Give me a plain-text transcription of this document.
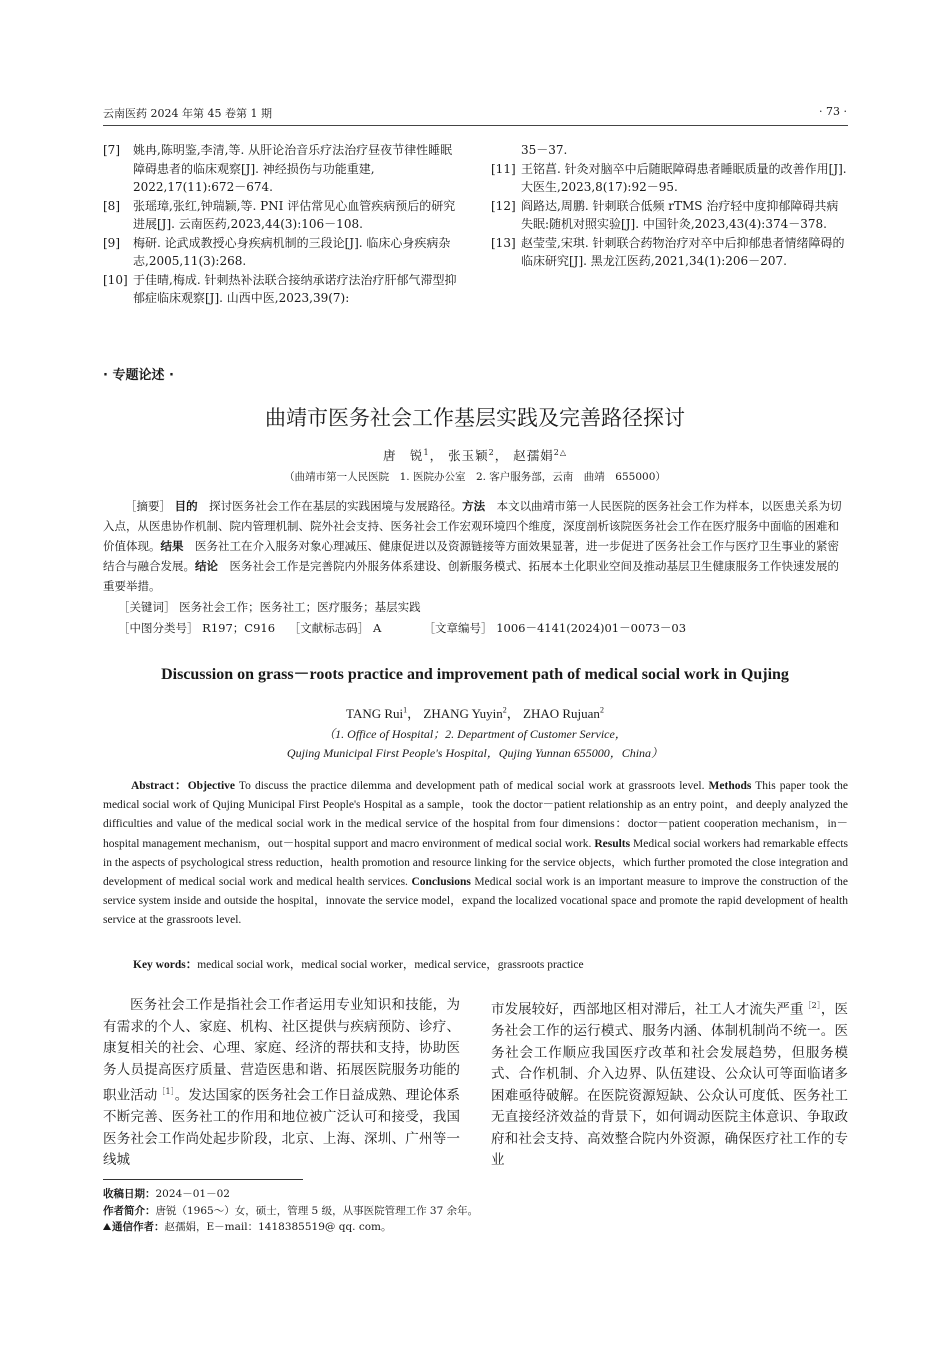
云南医药 2024 年第 45 卷第 1 期	· 73 ·

[7] 姚冉,陈明鉴,李清,等. 从肝论治音乐疗法治疗昼夜节律性睡眠障碍患者的临床观察[J]. 神经损伤与功能重建, 2022,17(11):672－674.

[8] 张瑶璋,张红,钟瑞颖,等. PNI 评估常见心血管疾病预后的研究进展[J]. 云南医药,2023,44(3):106－108.

[9] 梅研. 论武成教授心身疾病机制的三段论[J]. 临床心身疾病杂志,2005,11(3):268.

[10] 于佳晴,梅成. 针刺热补法联合接纳承诺疗法治疗肝郁气滞型抑郁症临床观察[J]. 山西中医,2023,39(7):

35－37.

[11] 王铭菖. 针灸对脑卒中后随眠障碍患者睡眠质量的改善作用[J]. 大医生,2023,8(17):92－95.

[12] 阎路达,周鹏. 针刺联合低频 rTMS 治疗轻中度抑郁障碍共病失眠:随机对照实验[J]. 中国针灸,2023,43(4):374－378.

[13] 赵莹莹,宋琪. 针刺联合药物治疗对卒中后抑郁患者情绪障碍的临床研究[J]. 黑龙江医药,2021,34(1):206－207.

· 专题论述 ·
曲靖市医务社会工作基层实践及完善路径探讨
唐　锐$^1$， 张玉颖$^2$， 赵孺娟$^{2\triangle}$
（曲靖市第一人民医院　1. 医院办公室　2. 客户服务部，云南　曲靖　655000）

［摘要］ 目的　探讨医务社会工作在基层的实践困境与发展路径。方法　本文以曲靖市第一人民医院的医务社会工作为样本，以医患关系为切入点，从医患协作机制、院内管理机制、院外社会支持、医务社会工作宏观环境四个维度，深度剖析该院医务社会工作在医疗服务中面临的困难和价值体现。结果　医务社工在介入服务对象心理减压、健康促进以及资源链接等方面效果显著，进一步促进了医务社会工作与医疗卫生事业的紧密结合与融合发展。结论　医务社会工作是完善院内外服务体系建设、创新服务模式、拓展本土化职业空间及推动基层卫生健康服务工作快速发展的重要举措。

［关键词］ 医务社会工作；医务社工；医疗服务；基层实践
［中图分类号］ R197；C916 ［文献标志码］ A	［文章编号］ 1006－4141(2024)01－0073－03
Discussion on grass－roots practice and improvement path of medical social work in Qujing
TANG Rui$^1$， ZHANG Yuyin$^2$， ZHAO Rujuan$^2$
（1. Office of Hospital；2. Department of Customer Service，
Qujing Municipal First People's Hospital，Qujing Yunnan 655000，China）
Abstract：Objective To discuss the practice dilemma and development path of medical social work at grassroots level. Methods This paper took the medical social work of Qujing Municipal First People's Hospital as a sample，took the doctor－patient relationship as an entry point，and deeply analyzed the difficulties and value of the medical social work in the medical service of the hospital from four dimensions：doctor－patient cooperation mechanism，in－hospital management mechanism，out－hospital support and macro environment of medical social work. Results Medical social workers had remarkable effects in the aspects of psychological stress reduction，health promotion and resource linking for the service objects，which further promoted the close integration and development of medical social work and medical health services. Conclusions Medical social work is an important measure to improve the construction of the service system inside and outside the hospital，innovate the service model，expand the localized vocational space and promote the rapid development of health service at the grassroots level.
Key words：medical social work，medical social worker，medical service，grassroots practice

医务社会工作是指社会工作者运用专业知识和技能，为有需求的个人、家庭、机构、社区提供与疾病预防、诊疗、康复相关的社会、心理、家庭、经济的帮扶和支持，协助医务人员提高医疗质量、营造医患和谐、拓展医院服务功能的职业活动$^{[1]}$。发达国家的医务社会工作日益成熟、理论体系不断完善、医务社工的作用和地位被广泛认可和接受，我国医务社会工作尚处起步阶段，北京、上海、深圳、广州等一线城

市发展较好，西部地区相对滞后，社工人才流失严重$^{[2]}$，医务社会工作的运行模式、服务内涵、体制机制尚不统一。医务社会工作顺应我国医疗改革和社会发展趋势，但服务模式、合作机制、介入边界、队伍建设、公众认可等面临诸多困难亟待破解。在医院资源短缺、公众认可度低、医务社工无直接经济效益的背景下，如何调动医院主体意识、争取政府和社会支持、高效整合院内外资源，确保医疗社工作的专业

收稿日期：2024－01－02
作者简介：唐锐（1965～）女，硕士，管理 5 级，从事医院管理工作 37 余年。
通信作者：赵孺娟，E－mail：1418385519@ qq. com。
